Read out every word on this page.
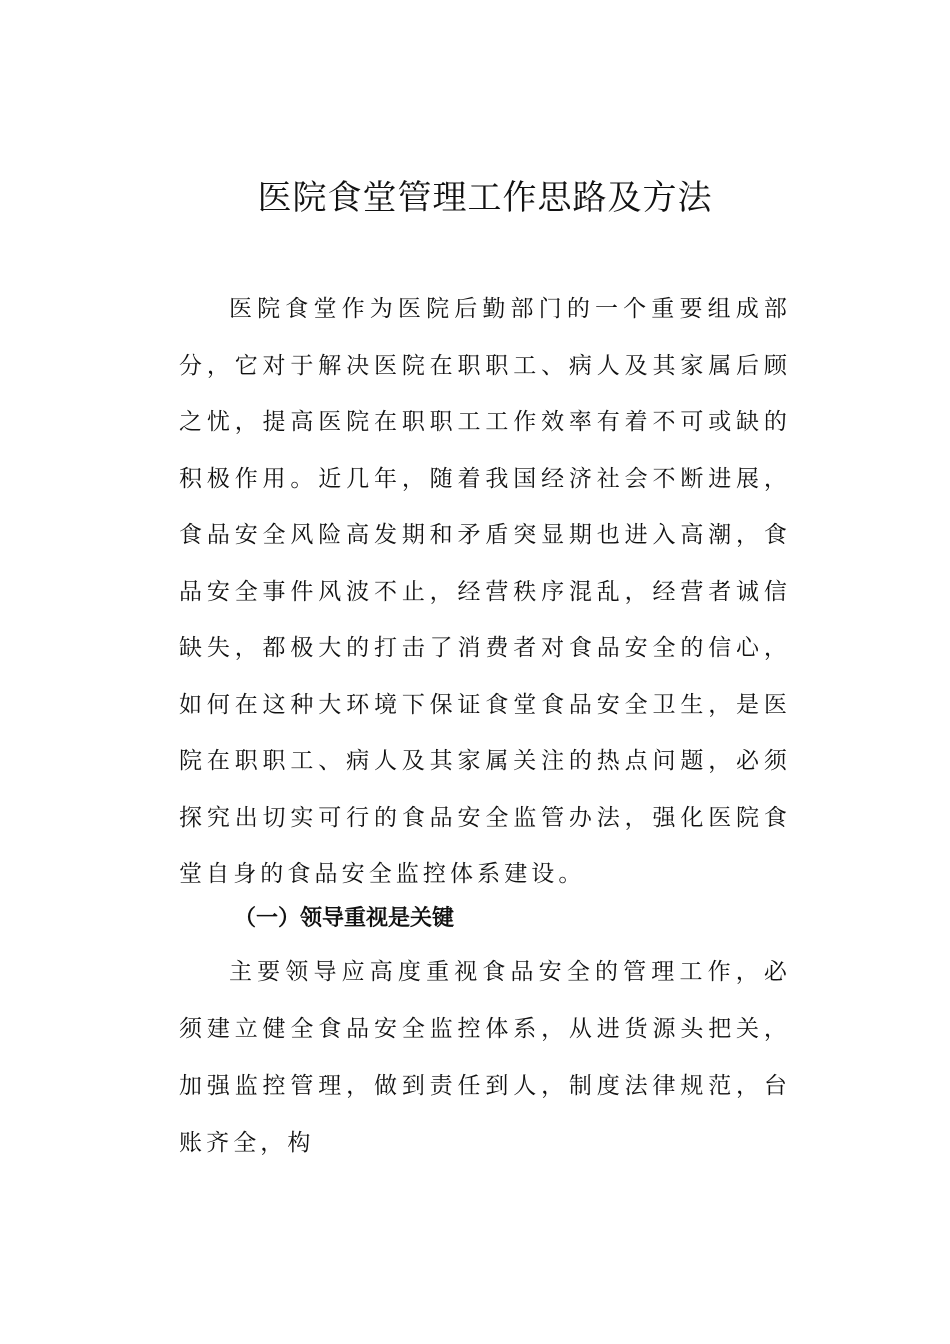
医院食堂管理工作思路及方法

医院食堂作为医院后勤部门的一个重要组成部分，它对于解决医院在职职工、病人及其家属后顾之忧，提高医院在职职工工作效率有着不可或缺的积极作用。近几年，随着我国经济社会不断进展，食品安全风险高发期和矛盾突显期也进入高潮，食品安全事件风波不止，经营秩序混乱，经营者诚信缺失，都极大的打击了消费者对食品安全的信心，如何在这种大环境下保证食堂食品安全卫生，是医院在职职工、病人及其家属关注的热点问题，必须探究出切实可行的食品安全监管办法，强化医院食堂自身的食品安全监控体系建设。

（一）领导重视是关键

主要领导应高度重视食品安全的管理工作，必须建立健全食品安全监控体系，从进货源头把关，加强监控管理，做到责任到人，制度法律规范，台账齐全，构
